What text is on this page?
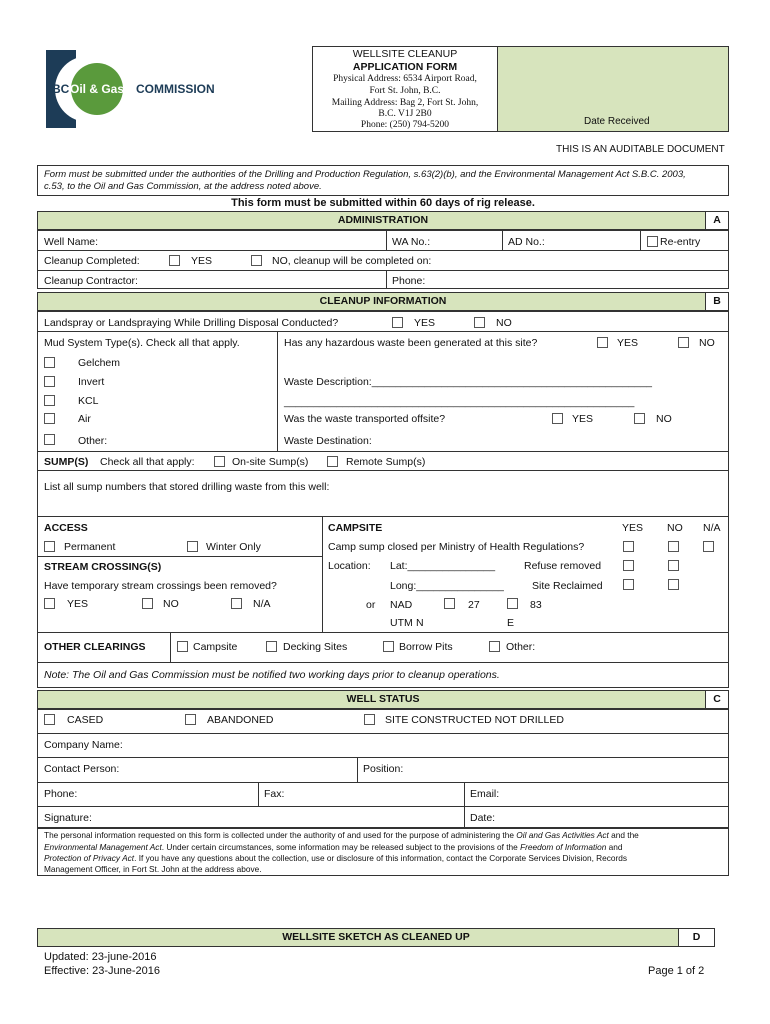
BC Oil & Gas COMMISSION
WELLSITE CLEANUP
APPLICATION FORM
Physical Address: 6534 Airport Road,
Fort St. John, B.C.
Mailing Address: Bag 2, Fort St. John,
B.C. V1J 2B0
Phone: (250) 794-5200	Date Received
THIS IS AN AUDITABLE DOCUMENT
Form must be submitted under the authorities of the Drilling and Production Regulation, s.63(2)(b), and the Environmental Management Act S.B.C. 2003,
c.53, to the Oil and Gas Commission, at the address noted above.
This form must be submitted within 60 days of rig release.
ADMINISTRATION	A
Well Name:	WA No.:	AD No.:	Re-entry
Cleanup Completed:	YES	NO, cleanup will be completed on:
Cleanup Contractor:	Phone:
CLEANUP INFORMATION	B
Landspray or Landspraying While Drilling Disposal Conducted?	YES	NO
Mud System Type(s). Check all that apply.
Gelchem
Invert
KCL
Air
Other:
Has any hazardous waste been generated at this site?	YES	NO
Waste Description:________________________________________________
____________________________________________________________
Was the waste transported offsite?	YES	NO
Waste Destination:
SUMP(S) Check all that apply:	On-site Sump(s)	Remote Sump(s)
List all sump numbers that stored drilling waste from this well:
ACCESS
Permanent	Winter Only
STREAM CROSSING(S)
Have temporary stream crossings been removed?
YES	NO	N/A
CAMPSITE	YES NO N/A
Camp sump closed per Ministry of Health Regulations?
Location: Lat:_______________	Refuse removed
Long:_______________	Site Reclaimed
or NAD	27	83
UTM N	E
OTHER CLEARINGS	Campsite	Decking Sites	Borrow Pits	Other:
Note: The Oil and Gas Commission must be notified two working days prior to cleanup operations.
WELL STATUS	C
CASED	ABANDONED	SITE CONSTRUCTED NOT DRILLED
Company Name:
Contact Person:	Position:
Phone:	Fax:	Email:
Signature:	Date:
The personal information requested on this form is collected under the authority of and used for the purpose of administering the Oil and Gas Activities Act and the
Environmental Management Act. Under certain circumstances, some information may be released subject to the provisions of the Freedom of Information and
Protection of Privacy Act. If you have any questions about the collection, use or disclosure of this information, contact the Corporate Services Division, Records
Management Officer, in Fort St. John at the address above.
WELLSITE SKETCH AS CLEANED UP	D
Updated: 23-june-2016
Effective: 23-June-2016	Page 1 of 2
